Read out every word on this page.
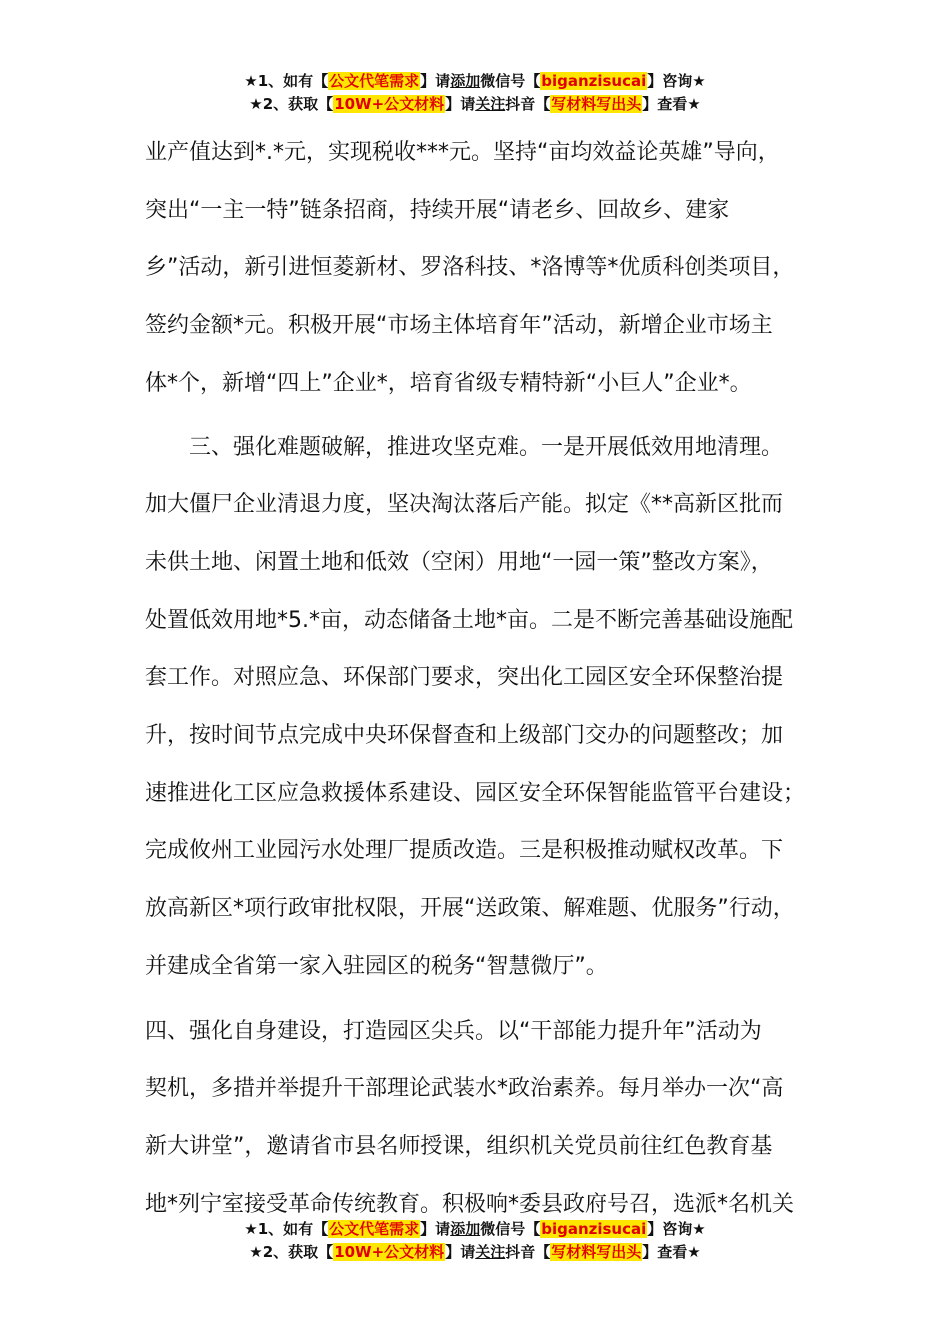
★1、如有【公文代笔需求】请添加微信号【biganzisucai】咨询★
★2、获取【10W+公文材料】请关注抖音【写材料写出头】查看★

业产值达到*.*元，实现税收***元。坚持“亩均效益论英雄”导向，

突出“一主一特”链条招商，持续开展“请老乡、回故乡、建家

乡”活动，新引进恒菱新材、罗洛科技、*洛博等*优质科创类项目，

签约金额*元。积极开展“市场主体培育年”活动，新增企业市场主

体*个，新增“四上”企业*，培育省级专精特新“小巨人”企业*。

　　三、强化难题破解，推进攻坚克难。一是开展低效用地清理。

加大僵尸企业清退力度，坚决淘汰落后产能。拟定《**高新区批而

未供土地、闲置土地和低效（空闲）用地“一园一策”整改方案》，

处置低效用地*5.*亩，动态储备土地*亩。二是不断完善基础设施配

套工作。对照应急、环保部门要求，突出化工园区安全环保整治提

升，按时间节点完成中央环保督查和上级部门交办的问题整改；加

速推进化工区应急救援体系建设、园区安全环保智能监管平台建设；

完成攸州工业园污水处理厂提质改造。三是积极推动赋权改革。下

放高新区*项行政审批权限，开展“送政策、解难题、优服务”行动，

并建成全省第一家入驻园区的税务“智慧微厅”。

四、强化自身建设，打造园区尖兵。以“干部能力提升年”活动为

契机，多措并举提升干部理论武装水*政治素养。每月举办一次“高

新大讲堂”，邀请省市县名师授课，组织机关党员前往红色教育基

地*列宁室接受革命传统教育。积极响*委县政府号召，选派*名机关

★1、如有【公文代笔需求】请添加微信号【biganzisucai】咨询★
★2、获取【10W+公文材料】请关注抖音【写材料写出头】查看★
